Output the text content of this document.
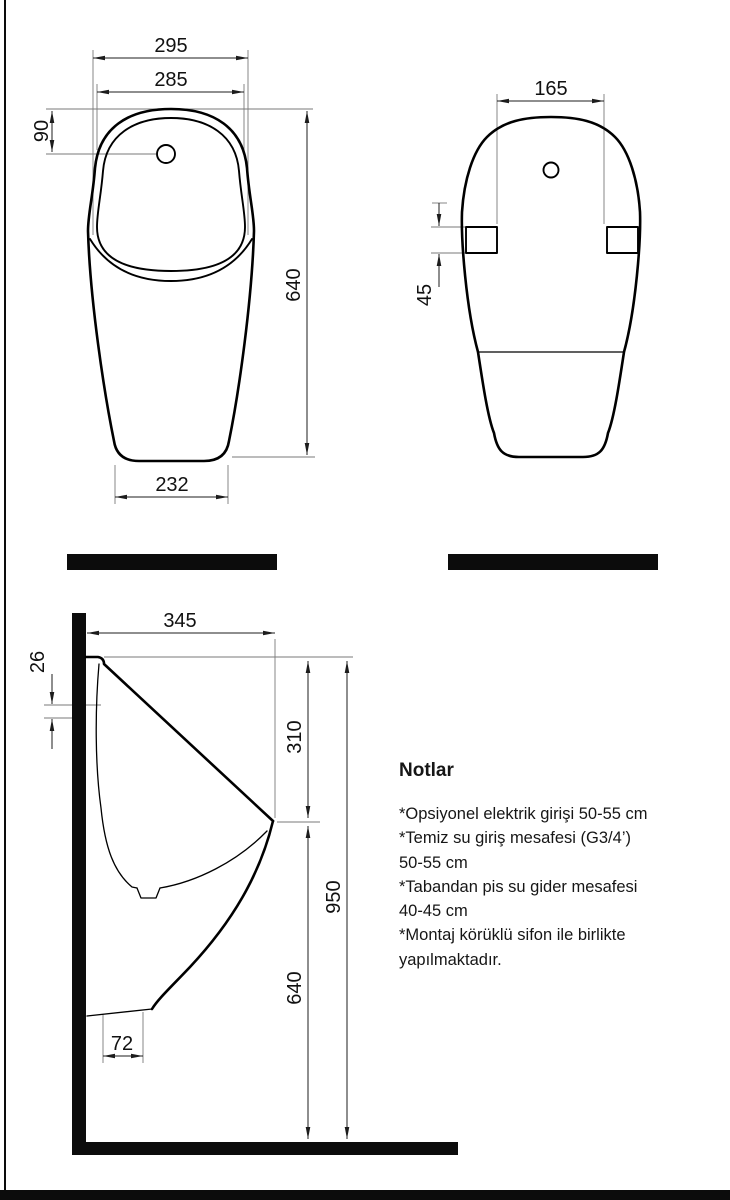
295
285
90
640
232
165
45
345
26
310
640
950
72
Notlar
*Opsiyonel elektrik girişi 50-55 cm
*Temiz su giriş mesafesi (G3/4’)
50-55 cm
*Tabandan pis su gider mesafesi
40-45 cm
*Montaj körüklü sifon ile birlikte
yapılmaktadır.
